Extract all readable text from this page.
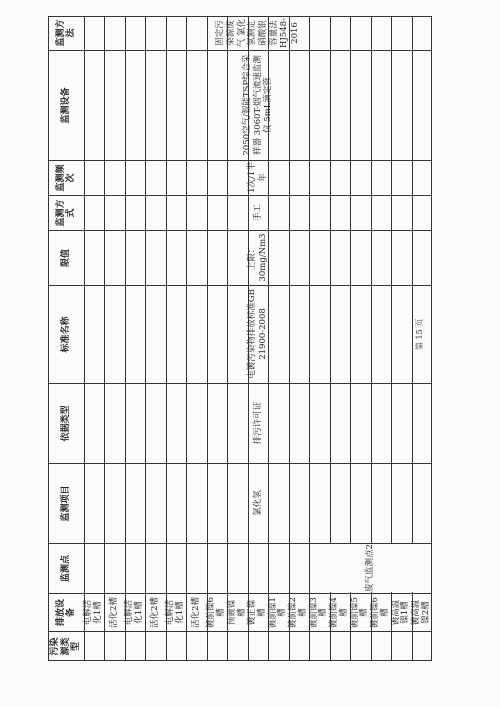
污染源类型
排放设备
监测点
监测项目
依据类型
标准名称
限值
监测方式
监测频次
监测设备
监测方法
电解活化1槽 活化2槽 电解活化1槽 活化2槽 电解活化1槽 活化2槽 镀前镍6槽 预镀镍槽 镀正镍槽 镀前镍1槽 镀前镍2槽 镀前镍3槽 镀前镍4槽 镀前镍5槽 镀前镍6槽 镀高温镍1槽 镀高温镍2槽
废气监测点2
氯化氢
排污许可证
电镀污染物排放标准GB 21900-2008
上限：30mg/Nm3
手工
1次/1半年
2050空气/智能TSP综合采样器 3060T-烟气流速监测仪 5mL滴定管
固定污染源废气 氯化氢测定 硝酸银容量法HJ548-2016
第 15 页
